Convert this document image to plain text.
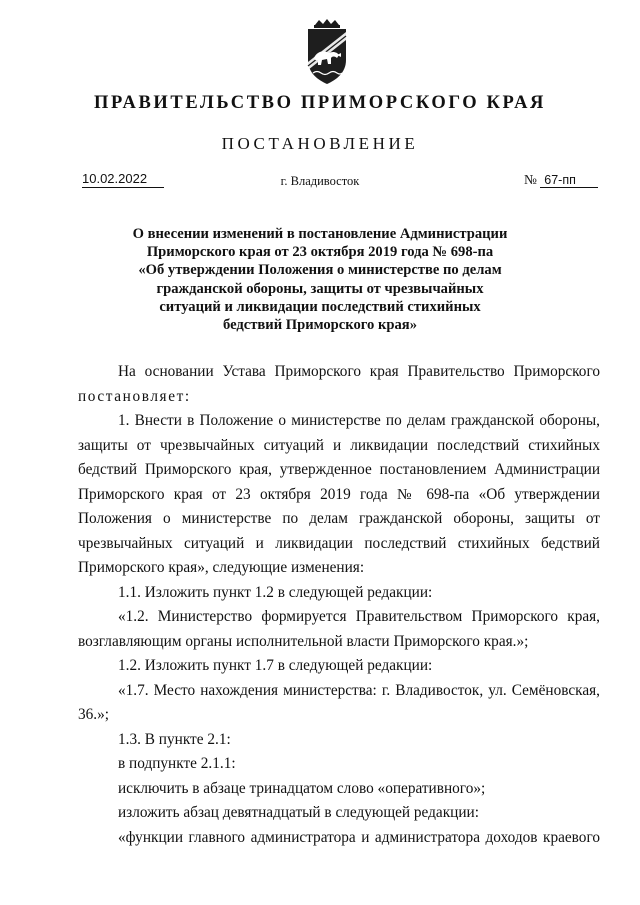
ПРАВИТЕЛЬСТВО ПРИМОРСКОГО КРАЯ
ПОСТАНОВЛЕНИЕ
10.02.2022	г. Владивосток	№ 67-пп
О внесении изменений в постановление Администрации
Приморского края от 23 октября 2019 года № 698-па
«Об утверждении Положения о министерстве по делам
гражданской обороны, защиты от чрезвычайных
ситуаций и ликвидации последствий стихийных
бедствий Приморского края»
На основании Устава Приморского края Правительство Приморского
постановляет:
1. Внести в Положение о министерстве по делам гражданской обороны,
защиты от чрезвычайных ситуаций и ликвидации последствий стихийных
бедствий Приморского края, утвержденное постановлением Администрации
Приморского края от 23 октября 2019 года № 698-па «Об утверждении
Положения о министерстве по делам гражданской обороны, защиты от
чрезвычайных ситуаций и ликвидации последствий стихийных бедствий
Приморского края», следующие изменения:
1.1. Изложить пункт 1.2 в следующей редакции:
«1.2. Министерство формируется Правительством Приморского края,
возглавляющим органы исполнительной власти Приморского края.»;
1.2. Изложить пункт 1.7 в следующей редакции:
«1.7. Место нахождения министерства: г. Владивосток, ул. Семёновская,
36.»;
1.3. В пункте 2.1:
в подпункте 2.1.1:
исключить в абзаце тринадцатом слово «оперативного»;
изложить абзац девятнадцатый в следующей редакции:
«функции главного администратора и администратора доходов краевого
